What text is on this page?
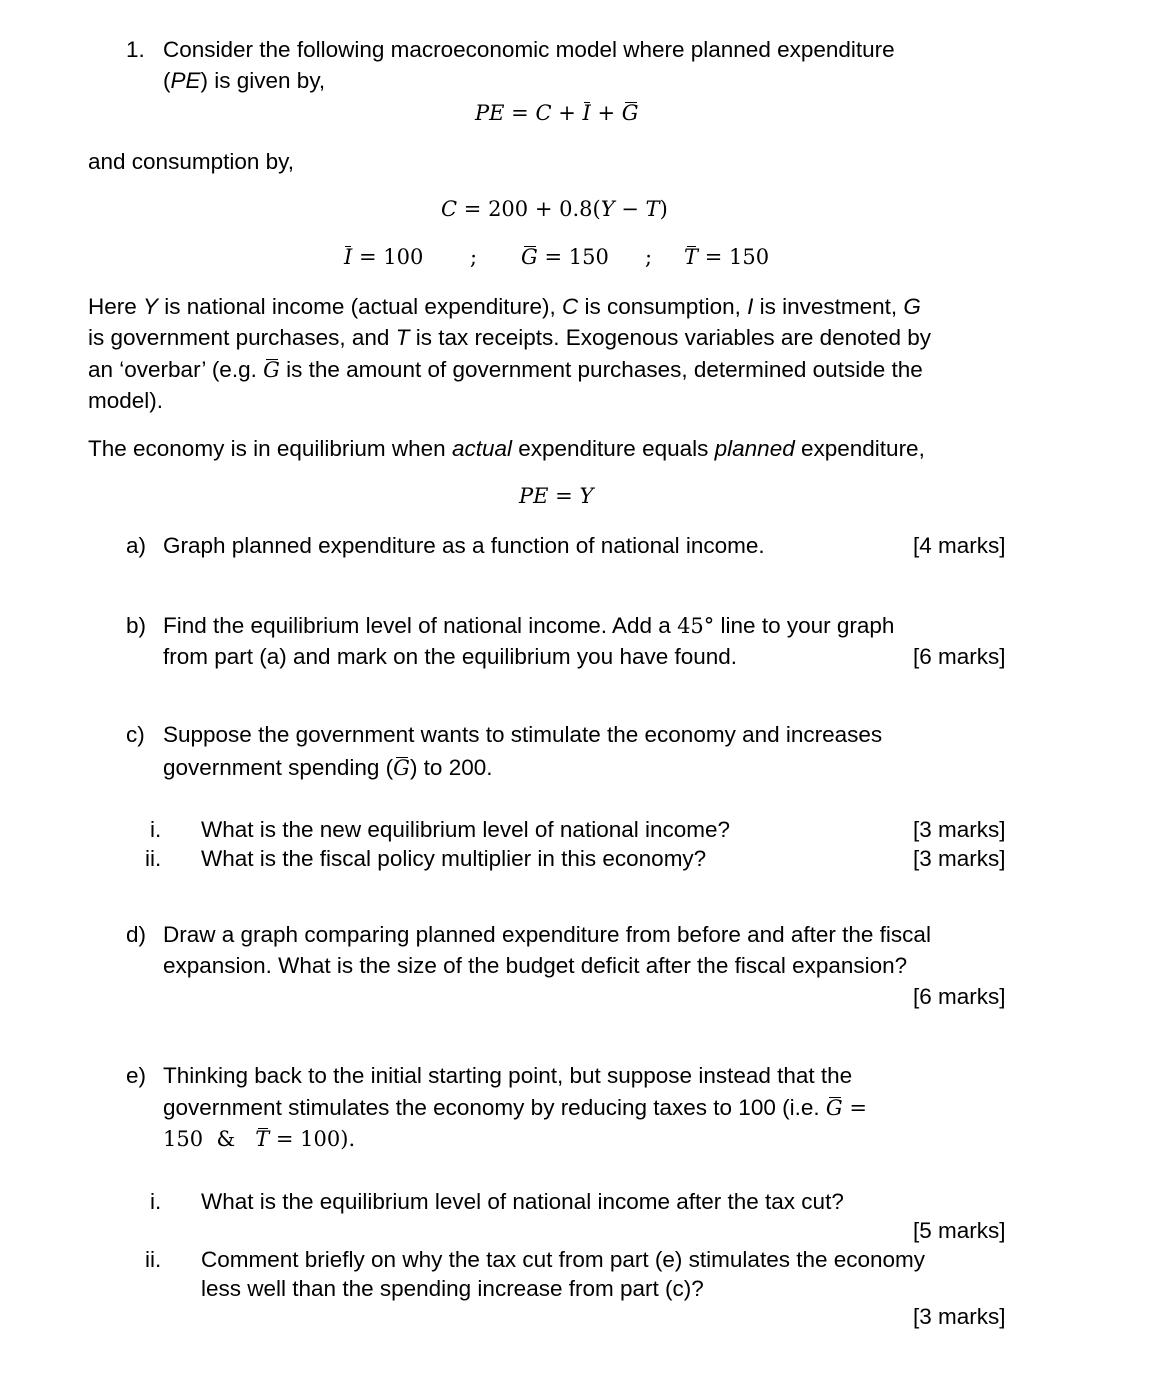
1. Consider the following macroeconomic model where planned expenditure
(PE) is given by,
PE = C + I + G
and consumption by,
C = 200 + 0.8(Y − T)
I = 100 ; G = 150 ; T = 150
Here Y is national income (actual expenditure), C is consumption, I is investment, G
is government purchases, and T is tax receipts. Exogenous variables are denoted by
an ‘overbar’ (e.g. G is the amount of government purchases, determined outside the
model).
The economy is in equilibrium when actual expenditure equals planned expenditure,
PE = Y
a) Graph planned expenditure as a function of national income.	[4 marks]
b) Find the equilibrium level of national income. Add a 45° line to your graph
from part (a) and mark on the equilibrium you have found.	[6 marks]
c) Suppose the government wants to stimulate the economy and increases
government spending (G) to 200.
i. What is the new equilibrium level of national income?	[3 marks]
ii. What is the fiscal policy multiplier in this economy?	[3 marks]
d) Draw a graph comparing planned expenditure from before and after the fiscal
expansion. What is the size of the budget deficit after the fiscal expansion?
[6 marks]
e) Thinking back to the initial starting point, but suppose instead that the
government stimulates the economy by reducing taxes to 100 (i.e. G =
150 & T = 100).
i. What is the equilibrium level of national income after the tax cut?
[5 marks]
ii. Comment briefly on why the tax cut from part (e) stimulates the economy
less well than the spending increase from part (c)?
[3 marks]
